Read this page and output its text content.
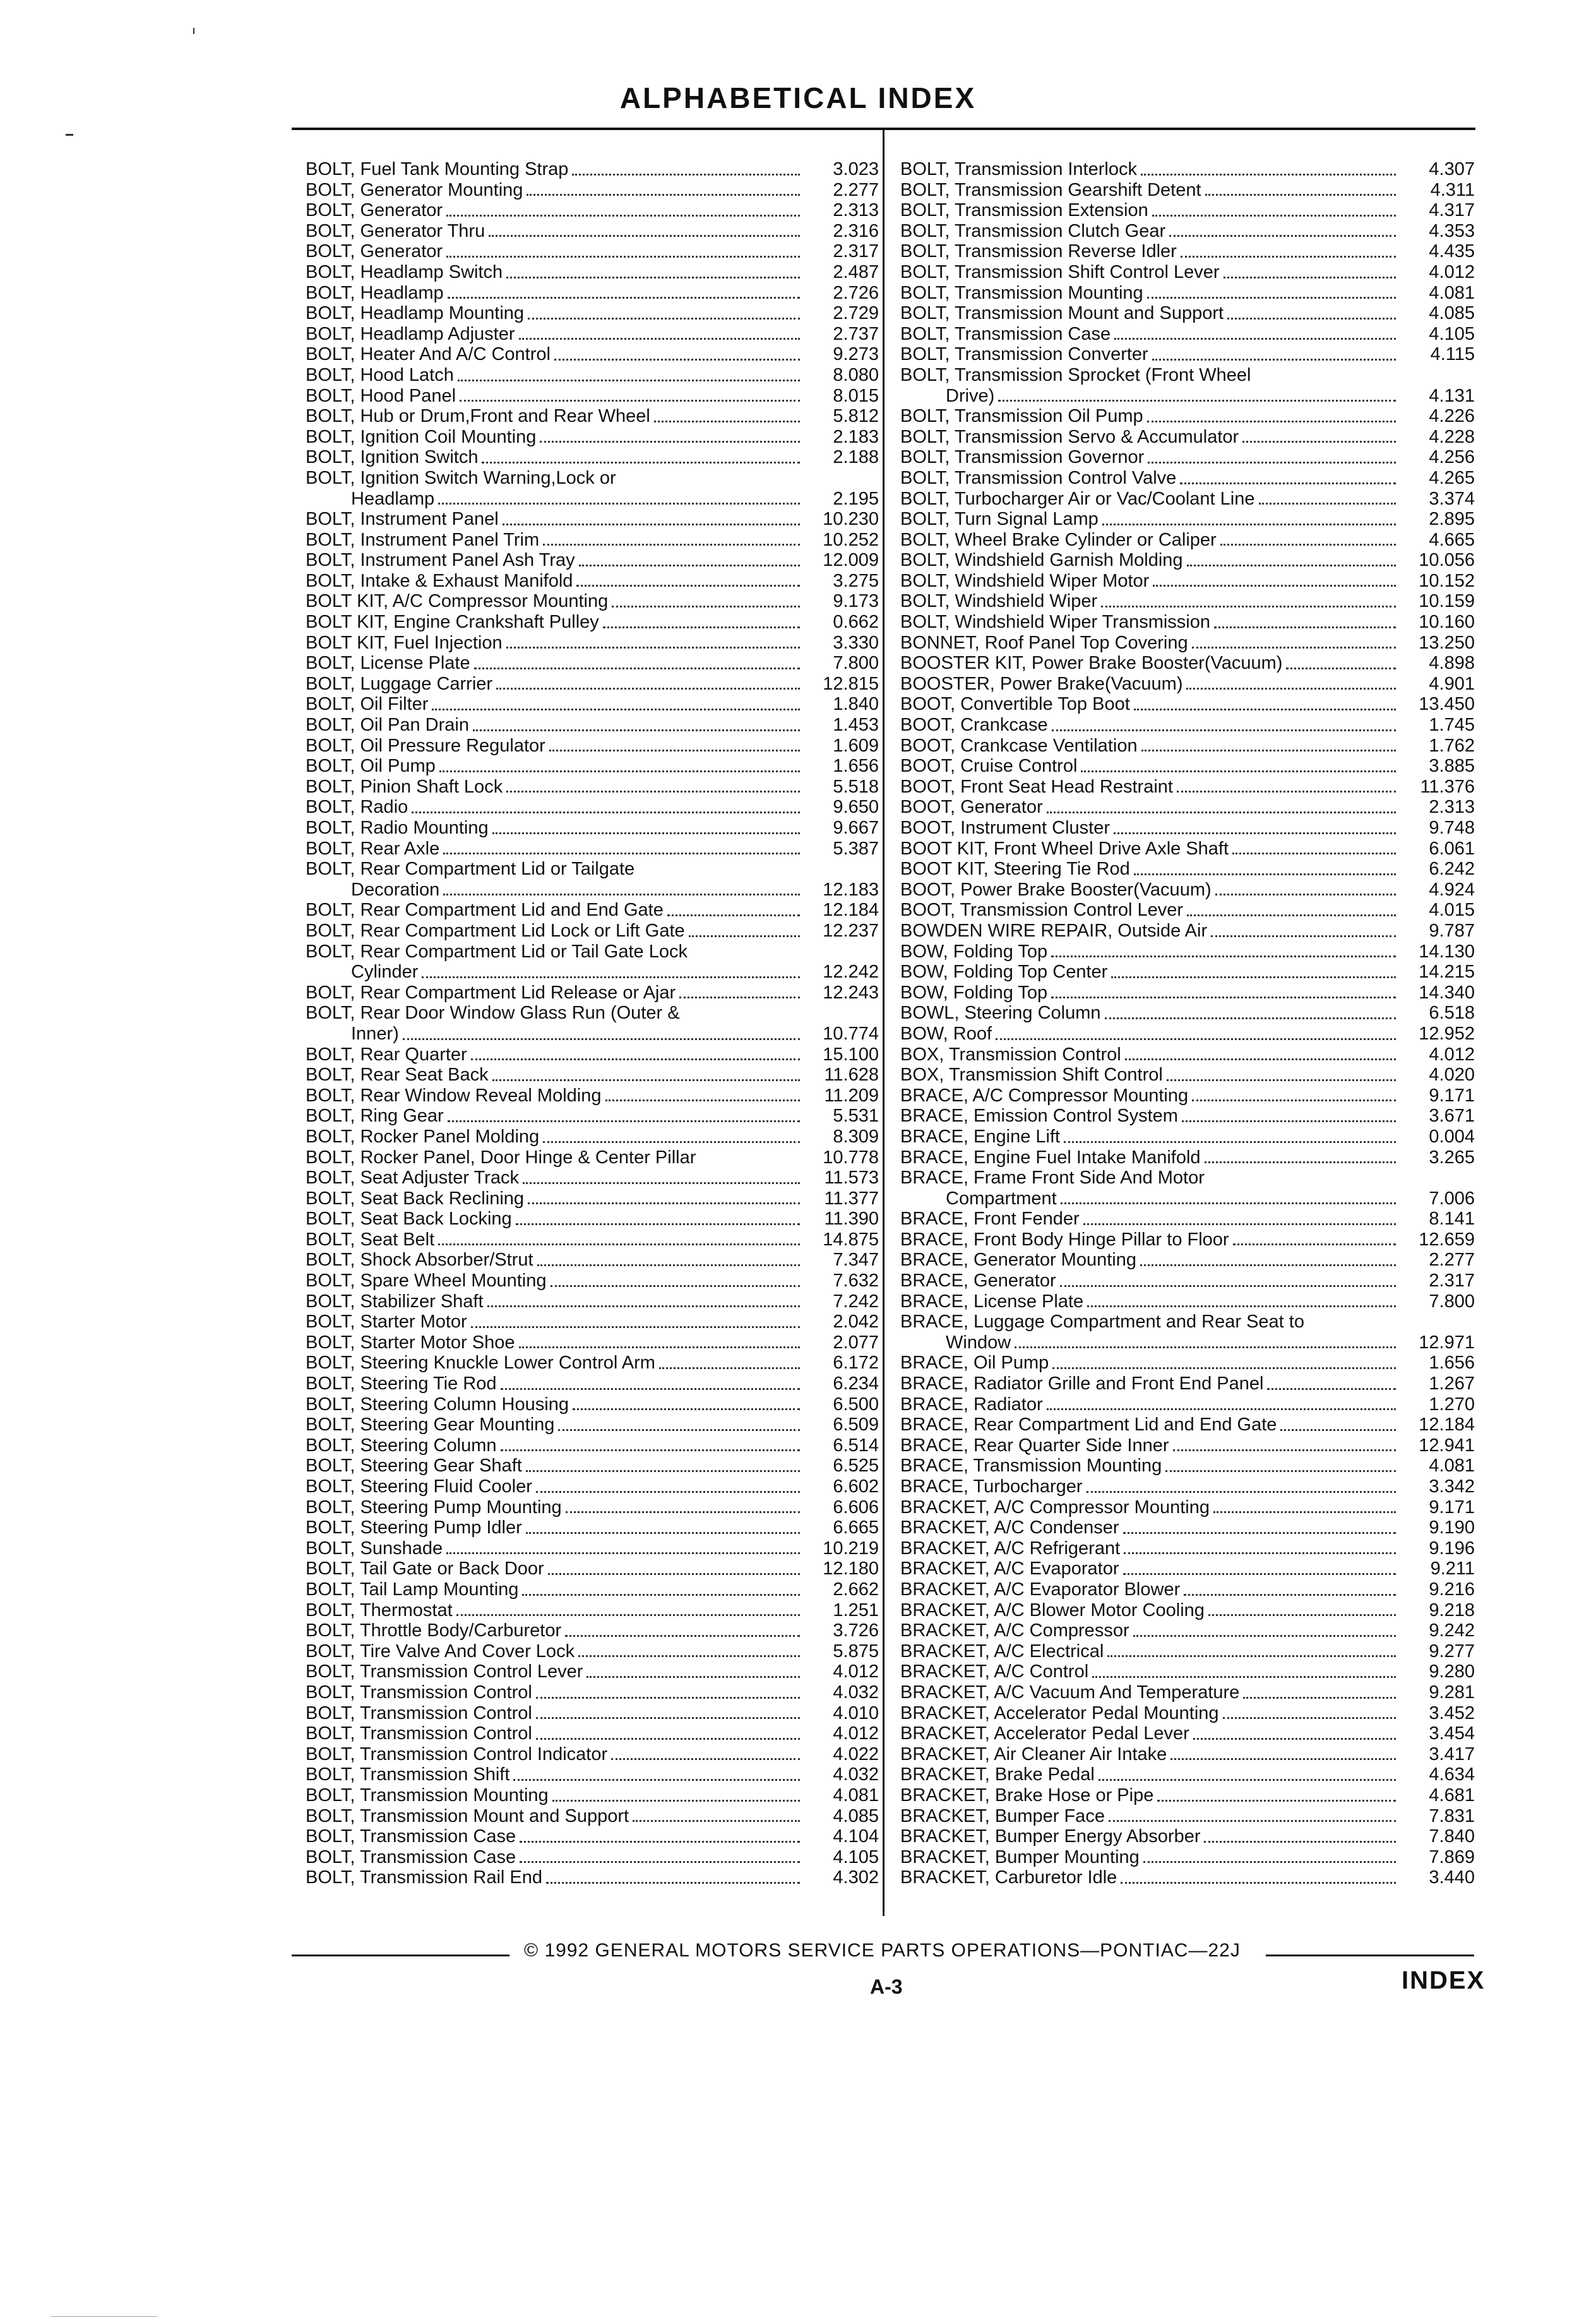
ALPHABETICAL INDEX
BOLT, Fuel Tank Mounting Strap	3.023
BOLT, Generator Mounting	2.277
BOLT, Generator	2.313
BOLT, Generator Thru	2.316
BOLT, Generator	2.317
BOLT, Headlamp Switch	2.487
BOLT, Headlamp	2.726
BOLT, Headlamp Mounting	2.729
BOLT, Headlamp Adjuster	2.737
BOLT, Heater And A/C Control	9.273
BOLT, Hood Latch	8.080
BOLT, Hood Panel	8.015
BOLT, Hub or Drum,Front and Rear Wheel	5.812
BOLT, Ignition Coil Mounting	2.183
BOLT, Ignition Switch	2.188
BOLT, Ignition Switch Warning,Lock or
Headlamp	2.195
BOLT, Instrument Panel	10.230
BOLT, Instrument Panel Trim	10.252
BOLT, Instrument Panel Ash Tray	12.009
BOLT, Intake & Exhaust Manifold	3.275
BOLT KIT, A/C Compressor Mounting	9.173
BOLT KIT, Engine Crankshaft Pulley	0.662
BOLT KIT, Fuel Injection	3.330
BOLT, License Plate	7.800
BOLT, Luggage Carrier	12.815
BOLT, Oil Filter	1.840
BOLT, Oil Pan Drain	1.453
BOLT, Oil Pressure Regulator	1.609
BOLT, Oil Pump	1.656
BOLT, Pinion Shaft Lock	5.518
BOLT, Radio	9.650
BOLT, Radio Mounting	9.667
BOLT, Rear Axle	5.387
BOLT, Rear Compartment Lid or Tailgate
Decoration	12.183
BOLT, Rear Compartment Lid and End Gate	12.184
BOLT, Rear Compartment Lid Lock or Lift Gate	12.237
BOLT, Rear Compartment Lid or Tail Gate Lock
Cylinder	12.242
BOLT, Rear Compartment Lid Release or Ajar	12.243
BOLT, Rear Door Window Glass Run (Outer &
Inner)	10.774
BOLT, Rear Quarter	15.100
BOLT, Rear Seat Back	11.628
BOLT, Rear Window Reveal Molding	11.209
BOLT, Ring Gear	5.531
BOLT, Rocker Panel Molding	8.309
BOLT, Rocker Panel, Door Hinge & Center Pillar	10.778
BOLT, Seat Adjuster Track	11.573
BOLT, Seat Back Reclining	11.377
BOLT, Seat Back Locking	11.390
BOLT, Seat Belt	14.875
BOLT, Shock Absorber/Strut	7.347
BOLT, Spare Wheel Mounting	7.632
BOLT, Stabilizer Shaft	7.242
BOLT, Starter Motor	2.042
BOLT, Starter Motor Shoe	2.077
BOLT, Steering Knuckle Lower Control Arm	6.172
BOLT, Steering Tie Rod	6.234
BOLT, Steering Column Housing	6.500
BOLT, Steering Gear Mounting	6.509
BOLT, Steering Column	6.514
BOLT, Steering Gear Shaft	6.525
BOLT, Steering Fluid Cooler	6.602
BOLT, Steering Pump Mounting	6.606
BOLT, Steering Pump Idler	6.665
BOLT, Sunshade	10.219
BOLT, Tail Gate or Back Door	12.180
BOLT, Tail Lamp Mounting	2.662
BOLT, Thermostat	1.251
BOLT, Throttle Body/Carburetor	3.726
BOLT, Tire Valve And Cover Lock	5.875
BOLT, Transmission Control Lever	4.012
BOLT, Transmission Control	4.032
BOLT, Transmission Control	4.010
BOLT, Transmission Control	4.012
BOLT, Transmission Control Indicator	4.022
BOLT, Transmission Shift	4.032
BOLT, Transmission Mounting	4.081
BOLT, Transmission Mount and Support	4.085
BOLT, Transmission Case	4.104
BOLT, Transmission Case	4.105
BOLT, Transmission Rail End	4.302
BOLT, Transmission Interlock	4.307
BOLT, Transmission Gearshift Detent	4.311
BOLT, Transmission Extension	4.317
BOLT, Transmission Clutch Gear	4.353
BOLT, Transmission Reverse Idler	4.435
BOLT, Transmission Shift Control Lever	4.012
BOLT, Transmission Mounting	4.081
BOLT, Transmission Mount and Support	4.085
BOLT, Transmission Case	4.105
BOLT, Transmission Converter	4.115
BOLT, Transmission Sprocket (Front Wheel
Drive)	4.131
BOLT, Transmission Oil Pump	4.226
BOLT, Transmission Servo & Accumulator	4.228
BOLT, Transmission Governor	4.256
BOLT, Transmission Control Valve	4.265
BOLT, Turbocharger Air or Vac/Coolant Line	3.374
BOLT, Turn Signal Lamp	2.895
BOLT, Wheel Brake Cylinder or Caliper	4.665
BOLT, Windshield Garnish Molding	10.056
BOLT, Windshield Wiper Motor	10.152
BOLT, Windshield Wiper	10.159
BOLT, Windshield Wiper Transmission	10.160
BONNET, Roof Panel Top Covering	13.250
BOOSTER KIT, Power Brake Booster(Vacuum)	4.898
BOOSTER, Power Brake(Vacuum)	4.901
BOOT, Convertible Top Boot	13.450
BOOT, Crankcase	1.745
BOOT, Crankcase Ventilation	1.762
BOOT, Cruise Control	3.885
BOOT, Front Seat Head Restraint	11.376
BOOT, Generator	2.313
BOOT, Instrument Cluster	9.748
BOOT KIT, Front Wheel Drive Axle Shaft	6.061
BOOT KIT, Steering Tie Rod	6.242
BOOT, Power Brake Booster(Vacuum)	4.924
BOOT, Transmission Control Lever	4.015
BOWDEN WIRE REPAIR, Outside Air	9.787
BOW, Folding Top	14.130
BOW, Folding Top Center	14.215
BOW, Folding Top	14.340
BOWL, Steering Column	6.518
BOW, Roof	12.952
BOX, Transmission Control	4.012
BOX, Transmission Shift Control	4.020
BRACE, A/C Compressor Mounting	9.171
BRACE, Emission Control System	3.671
BRACE, Engine Lift	0.004
BRACE, Engine Fuel Intake Manifold	3.265
BRACE, Frame Front Side And Motor
Compartment	7.006
BRACE, Front Fender	8.141
BRACE, Front Body Hinge Pillar to Floor	12.659
BRACE, Generator Mounting	2.277
BRACE, Generator	2.317
BRACE, License Plate	7.800
BRACE, Luggage Compartment and Rear Seat to
Window	12.971
BRACE, Oil Pump	1.656
BRACE, Radiator Grille and Front End Panel	1.267
BRACE, Radiator	1.270
BRACE, Rear Compartment Lid and End Gate	12.184
BRACE, Rear Quarter Side Inner	12.941
BRACE, Transmission Mounting	4.081
BRACE, Turbocharger	3.342
BRACKET, A/C Compressor Mounting	9.171
BRACKET, A/C Condenser	9.190
BRACKET, A/C Refrigerant	9.196
BRACKET, A/C Evaporator	9.211
BRACKET, A/C Evaporator Blower	9.216
BRACKET, A/C Blower Motor Cooling	9.218
BRACKET, A/C Compressor	9.242
BRACKET, A/C Electrical	9.277
BRACKET, A/C Control	9.280
BRACKET, A/C Vacuum And Temperature	9.281
BRACKET, Accelerator Pedal Mounting	3.452
BRACKET, Accelerator Pedal Lever	3.454
BRACKET, Air Cleaner Air Intake	3.417
BRACKET, Brake Pedal	4.634
BRACKET, Brake Hose or Pipe	4.681
BRACKET, Bumper Face	7.831
BRACKET, Bumper Energy Absorber	7.840
BRACKET, Bumper Mounting	7.869
BRACKET, Carburetor Idle	3.440
© 1992 GENERAL MOTORS SERVICE PARTS OPERATIONS—PONTIAC—22J
A-3	INDEX
